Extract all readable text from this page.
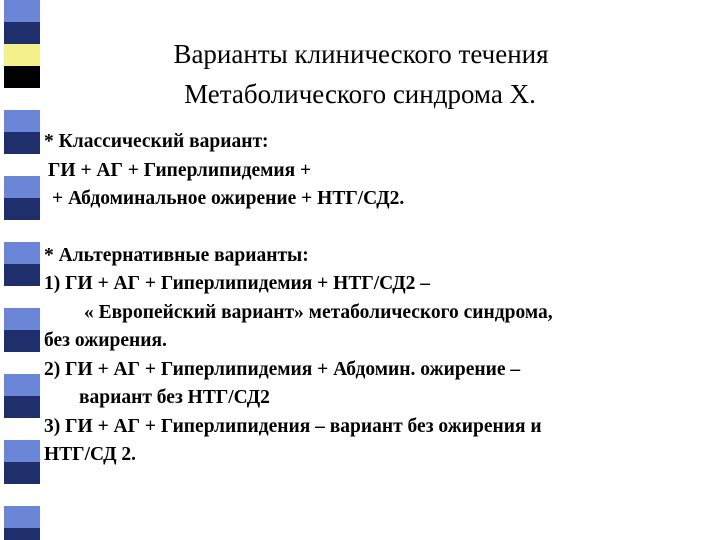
Варианты клинического течения
Метаболического синдрома Х.
* Классический вариант:
ГИ + АГ + Гиперлипидемия +
+ Абдоминальное ожирение + НТГ/СД2.
* Альтернативные варианты:
1) ГИ + АГ + Гиперлипидемия + НТГ/СД2 –
« Европейский вариант» метаболического синдрома,
без ожирения.
2) ГИ + АГ + Гиперлипидемия + Абдомин. ожирение –
вариант без НТГ/СД2
3) ГИ + АГ + Гиперлипидения – вариант без ожирения и
НТГ/СД 2.
